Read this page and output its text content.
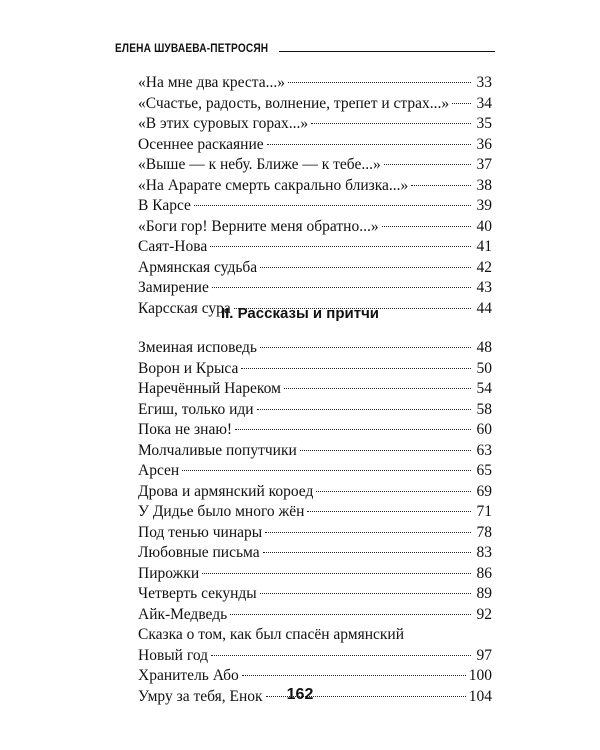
ЕЛЕНА ШУВАЕВА-ПЕТРОСЯН
«На мне два креста...»	33
«Счастье, радость, волнение, трепет и страх...» 34
«В этих суровых горах...»	35
Осеннее раскаяние	36
«Выше — к небу. Ближе — к тебе...»	37
«На Арарате смерть сакрально близка...»	38
В Карсе	39
«Боги гор! Верните меня обратно...»	40
Саят-Нова	41
Армянская судьба	42
Замирение	43
Карсская сура	44
II. Рассказы и притчи
Змеиная исповедь	48
Ворон и Крыса	50
Наречённый Нареком	54
Егиш, только иди	58
Пока не знаю!	60
Молчаливые попутчики	63
Арсен	65
Дрова и армянский короед	69
У Дидье было много жён	71
Под тенью чинары	78
Любовные письма	83
Пирожки	86
Четверть секунды	89
Айк-Медведь	92
Сказка о том, как был спасён армянский
Новый год	97
Хранитель Або	100
Умру за тебя, Енок	104
162
